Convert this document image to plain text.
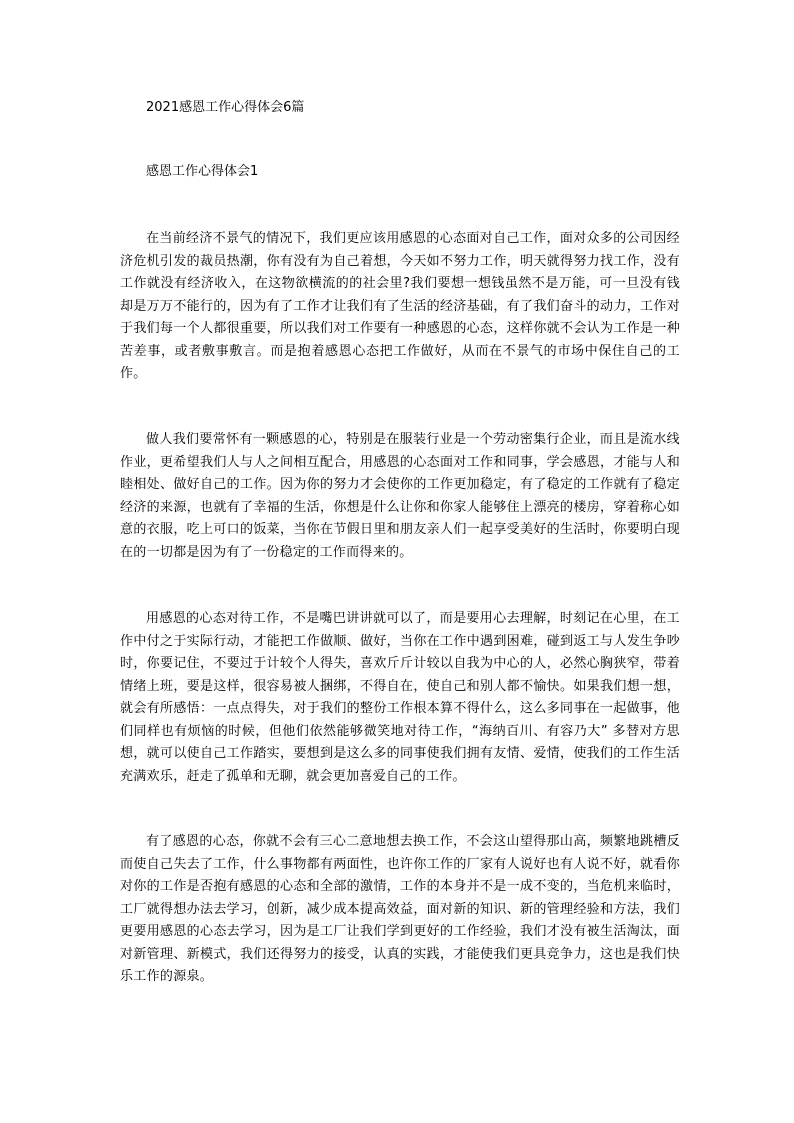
2021感恩工作心得体会6篇
感恩工作心得体会1

在当前经济不景气的情况下，我们更应该用感恩的心态面对自己工作，面对众多的公司因经济危机引发的裁员热潮，你有没有为自己着想，今天如不努力工作，明天就得努力找工作，没有工作就没有经济收入，在这物欲横流的的社会里?我们要想一想钱虽然不是万能，可一旦没有钱却是万万不能行的，因为有了工作才让我们有了生活的经济基础，有了我们奋斗的动力，工作对于我们每一个人都很重要，所以我们对工作要有一种感恩的心态，这样你就不会认为工作是一种苦差事，或者敷事敷言。而是抱着感恩心态把工作做好，从而在不景气的市场中保住自己的工作。

做人我们要常怀有一颗感恩的心，特别是在服装行业是一个劳动密集行企业，而且是流水线作业，更希望我们人与人之间相互配合，用感恩的心态面对工作和同事，学会感恩，才能与人和睦相处、做好自己的工作。因为你的努力才会使你的工作更加稳定，有了稳定的工作就有了稳定经济的来源，也就有了幸福的生活，你想是什么让你和你家人能够住上漂亮的楼房，穿着称心如意的衣服，吃上可口的饭菜，当你在节假日里和朋友亲人们一起享受美好的生活时，你要明白现在的一切都是因为有了一份稳定的工作而得来的。

用感恩的心态对待工作，不是嘴巴讲讲就可以了，而是要用心去理解，时刻记在心里，在工作中付之于实际行动，才能把工作做顺、做好，当你在工作中遇到困难，碰到返工与人发生争吵时，你要记住，不要过于计较个人得失，喜欢斤斤计较以自我为中心的人，必然心胸狭窄，带着情绪上班，要是这样，很容易被人捆绑，不得自在，使自己和别人都不愉快。如果我们想一想，就会有所感悟：一点点得失，对于我们的整份工作根本算不得什么，这么多同事在一起做事，他们同样也有烦恼的时候，但他们依然能够微笑地对待工作，“海纳百川、有容乃大” 多替对方思想，就可以使自己工作踏实，要想到是这么多的同事使我们拥有友情、爱情，使我们的工作生活充满欢乐，赶走了孤单和无聊，就会更加喜爱自己的工作。

有了感恩的心态，你就不会有三心二意地想去换工作，不会这山望得那山高，频繁地跳槽反而使自己失去了工作，什么事物都有两面性，也许你工作的厂家有人说好也有人说不好，就看你对你的工作是否抱有感恩的心态和全部的激情，工作的本身并不是一成不变的，当危机来临时，工厂就得想办法去学习，创新，减少成本提高效益，面对新的知识、新的管理经验和方法，我们更要用感恩的心态去学习，因为是工厂让我们学到更好的工作经验，我们才没有被生活淘汰，面对新管理、新模式，我们还得努力的接受，认真的实践，才能使我们更具竞争力，这也是我们快乐工作的源泉。
